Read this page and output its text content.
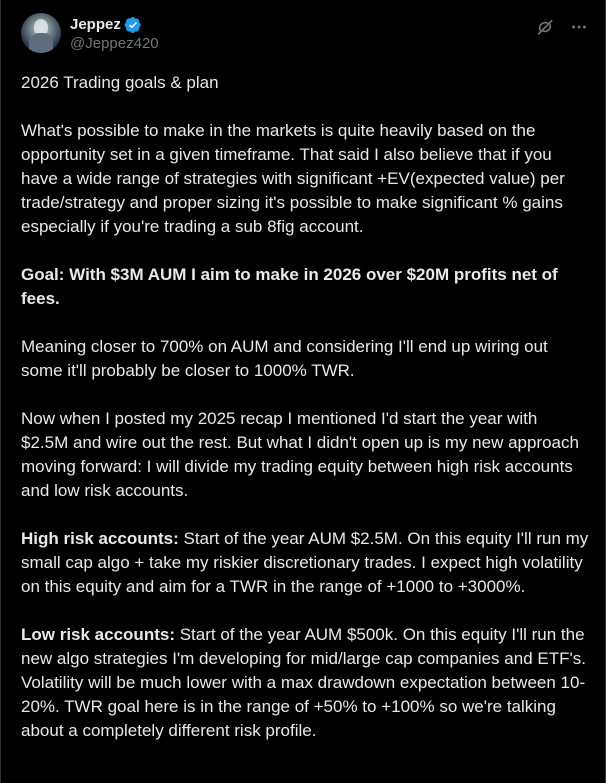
Jeppez
@Jeppez420

2026 Trading goals & plan

What's possible to make in the markets is quite heavily based on the opportunity set in a given timeframe. That said I also believe that if you have a wide range of strategies with significant +EV(expected value) per trade/strategy and proper sizing it's possible to make significant % gains especially if you're trading a sub 8fig account.

Goal: With $3M AUM I aim to make in 2026 over $20M profits net of fees.

Meaning closer to 700% on AUM and considering I'll end up wiring out some it'll probably be closer to 1000% TWR.

Now when I posted my 2025 recap I mentioned I'd start the year with $2.5M and wire out the rest. But what I didn't open up is my new approach moving forward: I will divide my trading equity between high risk accounts and low risk accounts.

High risk accounts: Start of the year AUM $2.5M. On this equity I'll run my small cap algo + take my riskier discretionary trades. I expect high volatility on this equity and aim for a TWR in the range of +1000 to +3000%.

Low risk accounts: Start of the year AUM $500k. On this equity I'll run the new algo strategies I'm developing for mid/large cap companies and ETF's. Volatility will be much lower with a max drawdown expectation between 10-20%. TWR goal here is in the range of +50% to +100% so we're talking about a completely different risk profile.
